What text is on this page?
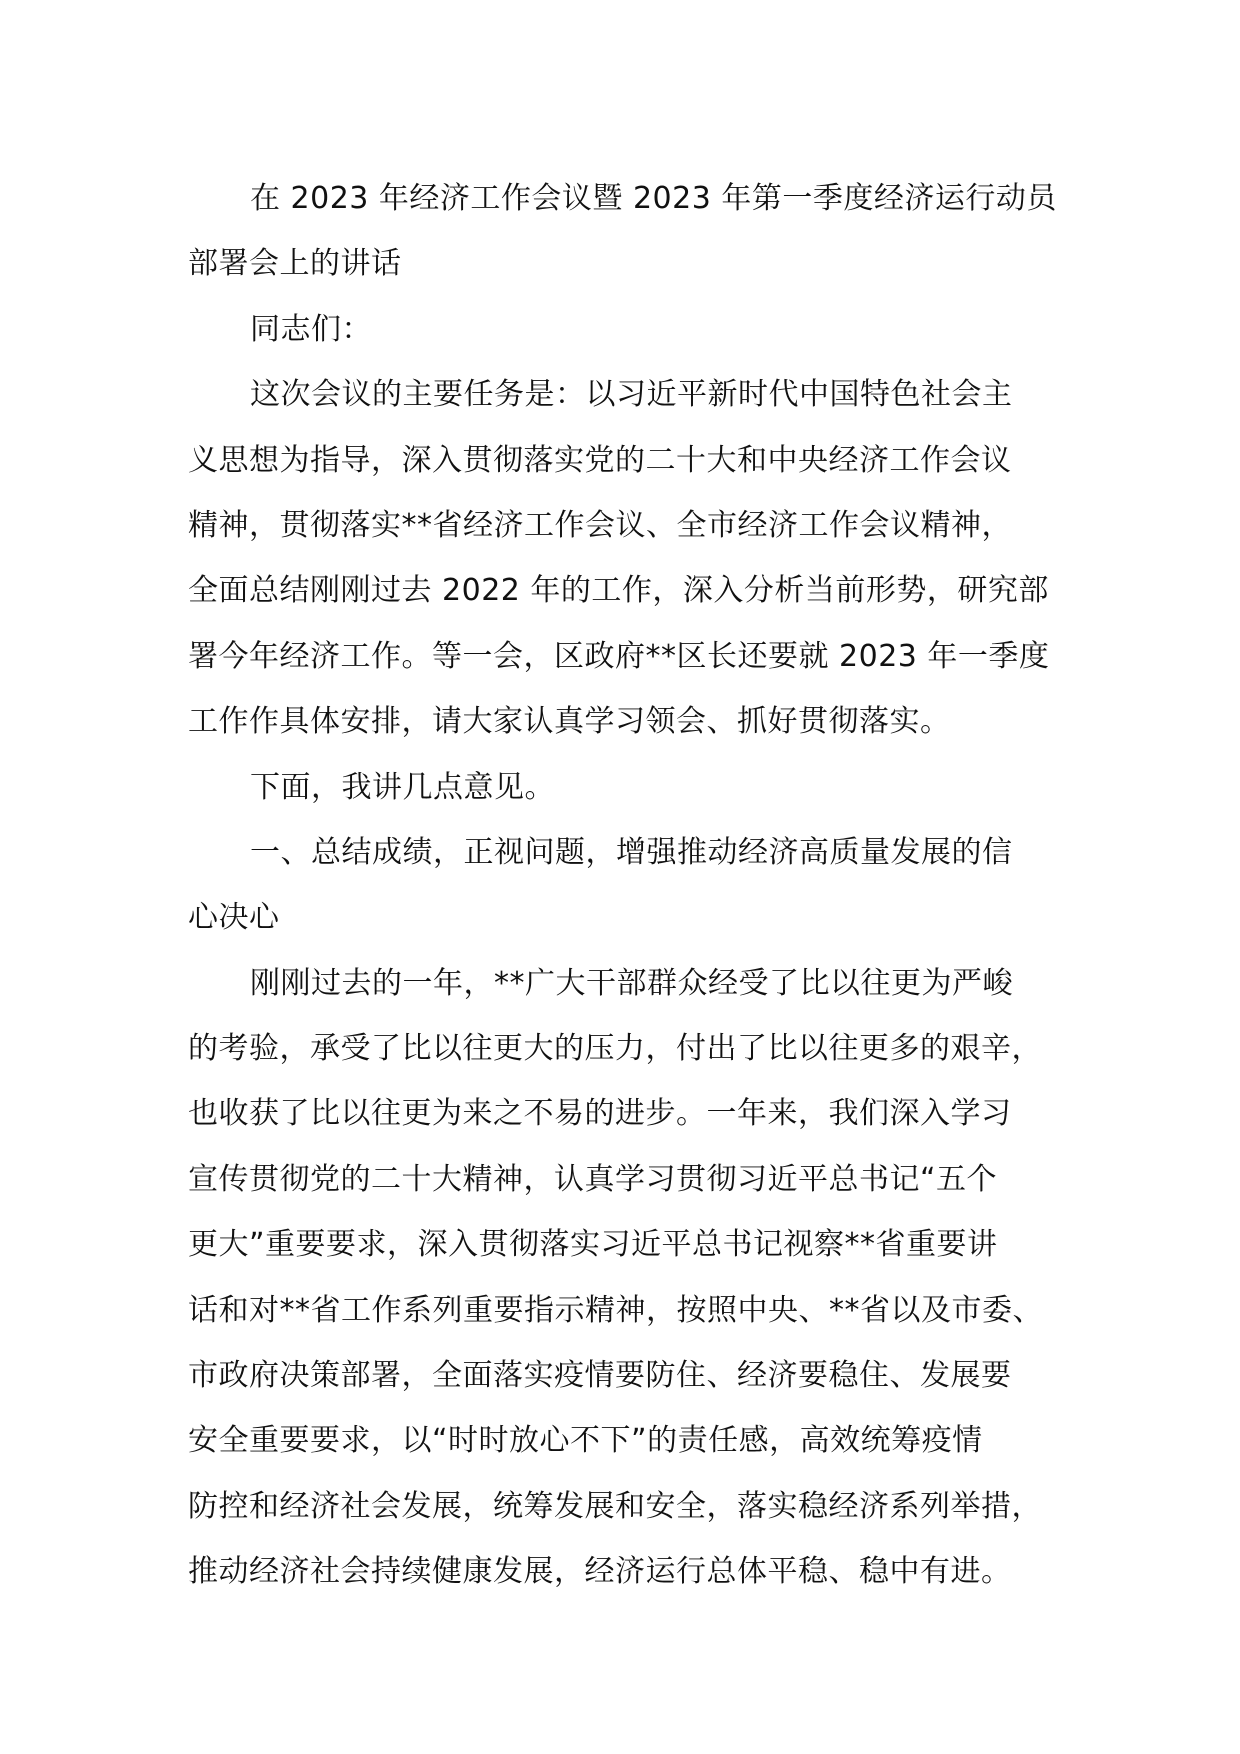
在 2023 年经济工作会议暨 2023 年第一季度经济运行动员
部署会上的讲话
同志们：
这次会议的主要任务是：以习近平新时代中国特色社会主
义思想为指导，深入贯彻落实党的二十大和中央经济工作会议
精神，贯彻落实**省经济工作会议、全市经济工作会议精神，
全面总结刚刚过去 2022 年的工作，深入分析当前形势，研究部
署今年经济工作。等一会，区政府**区长还要就 2023 年一季度
工作作具体安排，请大家认真学习领会、抓好贯彻落实。
下面，我讲几点意见。
一、总结成绩，正视问题，增强推动经济高质量发展的信
心决心
刚刚过去的一年，**广大干部群众经受了比以往更为严峻
的考验，承受了比以往更大的压力，付出了比以往更多的艰辛，
也收获了比以往更为来之不易的进步。一年来，我们深入学习
宣传贯彻党的二十大精神，认真学习贯彻习近平总书记“五个
更大”重要要求，深入贯彻落实习近平总书记视察**省重要讲
话和对**省工作系列重要指示精神，按照中央、**省以及市委、
市政府决策部署，全面落实疫情要防住、经济要稳住、发展要
安全重要要求，以“时时放心不下”的责任感，高效统筹疫情
防控和经济社会发展，统筹发展和安全，落实稳经济系列举措，
推动经济社会持续健康发展，经济运行总体平稳、稳中有进。
